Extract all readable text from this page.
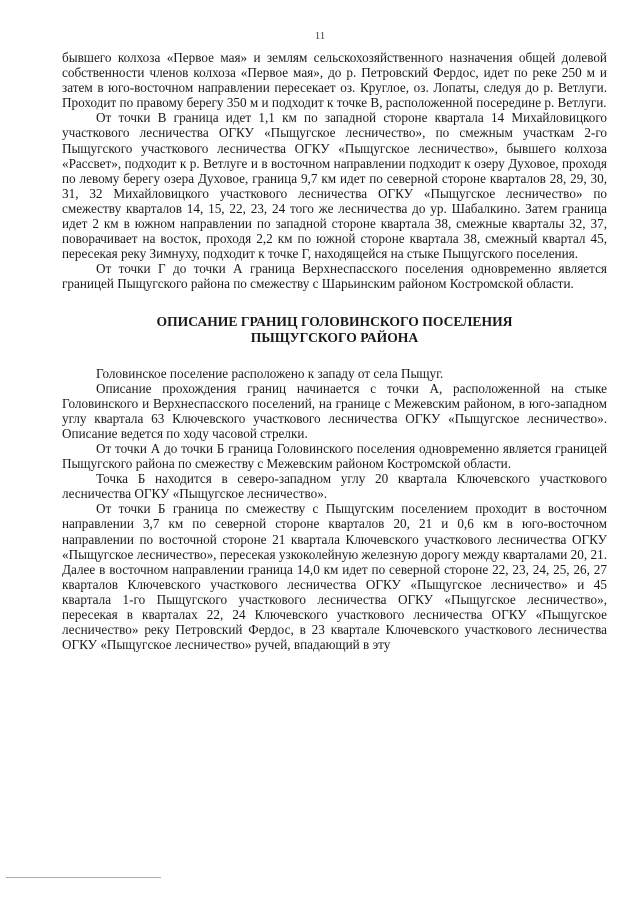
11

бывшего колхоза «Первое мая» и землям сельскохозяйственного назначения общей долевой собственности членов колхоза «Первое мая», до р. Петровский Фердос, идет по реке 250 м и затем в юго-восточном направлении пересекает оз. Круглое, оз. Лопаты, следуя до р. Ветлуги. Проходит по правому берегу 350 м и подходит к точке В, расположенной посередине р. Ветлуги.

От точки В граница идет 1,1 км по западной стороне квартала 14 Михайловицкого участкового лесничества ОГКУ «Пыщугское лесничество», по смежным участкам 2-го Пыщугского участкового лесничества ОГКУ «Пыщугское лесничество», бывшего колхоза «Рассвет», подходит к р. Ветлуге и в восточном направлении подходит к озеру Духовое, проходя по левому берегу озера Духовое, граница 9,7 км идет по северной стороне кварталов 28, 29, 30, 31, 32 Михайловицкого участкового лесничества ОГКУ «Пыщугское лесничество» по смежеству кварталов 14, 15, 22, 23, 24 того же лесничества до ур. Шабалкино. Затем граница идет 2 км в южном направлении по западной стороне квартала 38, смежные кварталы 32, 37, поворачивает на восток, проходя 2,2 км по южной стороне квартала 38, смежный квартал 45, пересекая реку Зимнуху, подходит к точке Г, находящейся на стыке Пыщугского поселения.

От точки Г до точки А граница Верхнеспасского поселения одновременно является границей Пыщугского района по смежеству с Шарьинским районом Костромской области.

ОПИСАНИЕ ГРАНИЦ ГОЛОВИНСКОГО ПОСЕЛЕНИЯ
ПЫЩУГСКОГО РАЙОНА

Головинское поселение расположено к западу от села Пыщуг.

Описание прохождения границ начинается с точки А, расположенной на стыке Головинского и Верхнеспасского поселений, на границе с Межевским районом, в юго-западном углу квартала 63 Ключевского участкового лесничества ОГКУ «Пыщугское лесничество». Описание ведется по ходу часовой стрелки.

От точки А до точки Б граница Головинского поселения одновременно является границей Пыщугского района по смежеству с Межевским районом Костромской области.

Точка Б находится в северо-западном углу 20 квартала Ключевского участкового лесничества ОГКУ «Пыщугское лесничество».

От точки Б граница по смежеству с Пыщугским поселением проходит в восточном направлении 3,7 км по северной стороне кварталов 20, 21 и 0,6 км в юго-восточном направлении по восточной стороне 21 квартала Ключевского участкового лесничества ОГКУ «Пыщугское лесничество», пересекая узкоколейную железную дорогу между кварталами 20, 21. Далее в восточном направлении граница 14,0 км идет по северной стороне 22, 23, 24, 25, 26, 27 кварталов Ключевского участкового лесничества ОГКУ «Пыщугское лесничество» и 45 квартала 1-го Пыщугского участкового лесничества ОГКУ «Пыщугское лесничество», пересекая в кварталах 22, 24 Ключевского участкового лесничества ОГКУ «Пыщугское лесничество» реку Петровский Фердос, в 23 квартале Ключевского участкового лесничества ОГКУ «Пыщугское лесничество» ручей, впадающий в эту
